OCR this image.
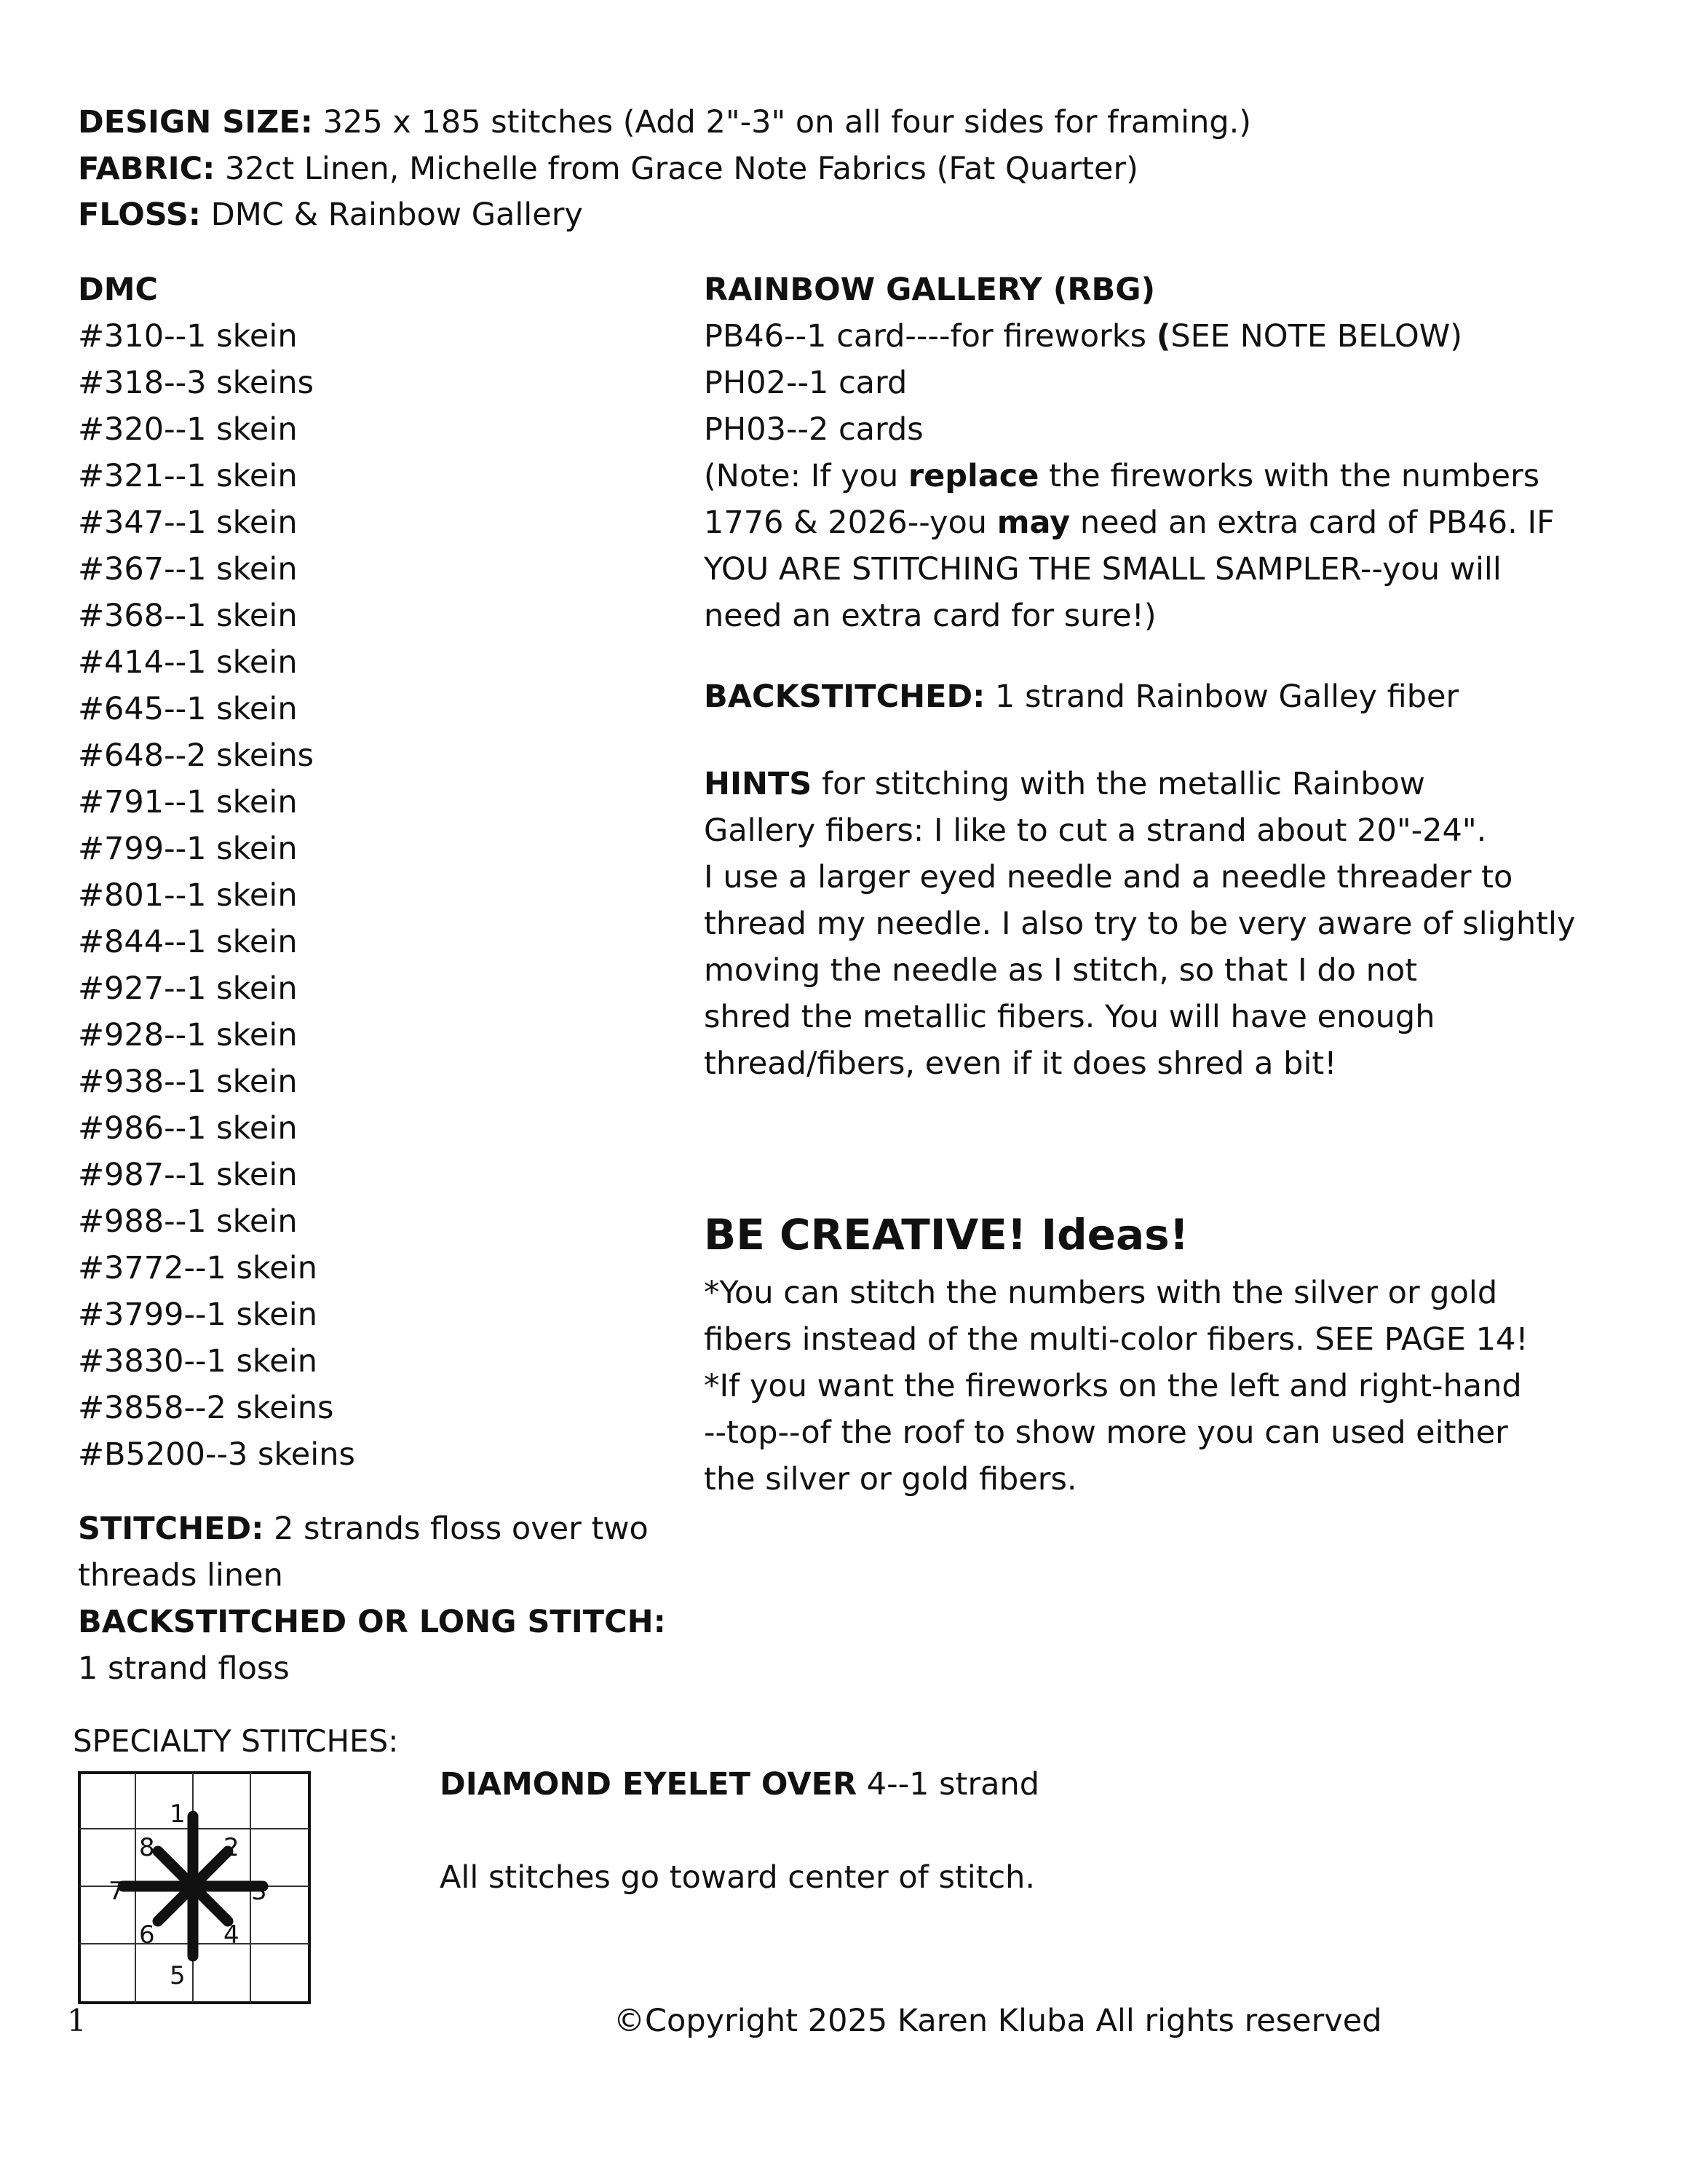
DESIGN SIZE: 325 x 185 stitches (Add 2"-3" on all four sides for framing.)
FABRIC: 32ct Linen, Michelle from Grace Note Fabrics (Fat Quarter)
FLOSS: DMC & Rainbow Gallery
DMC
#310--1 skein
#318--3 skeins
#320--1 skein
#321--1 skein
#347--1 skein
#367--1 skein
#368--1 skein
#414--1 skein
#645--1 skein
#648--2 skeins
#791--1 skein
#799--1 skein
#801--1 skein
#844--1 skein
#927--1 skein
#928--1 skein
#938--1 skein
#986--1 skein
#987--1 skein
#988--1 skein
#3772--1 skein
#3799--1 skein
#3830--1 skein
#3858--2 skeins
#B5200--3 skeins
STITCHED: 2 strands floss over two
threads linen
BACKSTITCHED OR LONG STITCH:
1 strand floss
RAINBOW GALLERY (RBG)
PB46--1 card----for fireworks (SEE NOTE BELOW)
PH02--1 card
PH03--2 cards
(Note: If you replace the fireworks with the numbers
1776 & 2026--you may need an extra card of PB46. IF
YOU ARE STITCHING THE SMALL SAMPLER--you will
need an extra card for sure!)
BACKSTITCHED: 1 strand Rainbow Galley fiber
HINTS for stitching with the metallic Rainbow
Gallery fibers: I like to cut a strand about 20"-24".
I use a larger eyed needle and a needle threader to
thread my needle. I also try to be very aware of slightly
moving the needle as I stitch, so that I do not
shred the metallic fibers. You will have enough
thread/fibers, even if it does shred a bit!
BE CREATIVE! Ideas!
*You can stitch the numbers with the silver or gold
fibers instead of the multi-color fibers. SEE PAGE 14!
*If you want the fireworks on the left and right-hand
--top--of the roof to show more you can used either
the silver or gold fibers.
SPECIALTY STITCHES:
1
2
3
4
5
6
7
8
DIAMOND EYELET OVER 4--1 strand
All stitches go toward center of stitch.
1	©Copyright 2025 Karen Kluba All rights reserved
